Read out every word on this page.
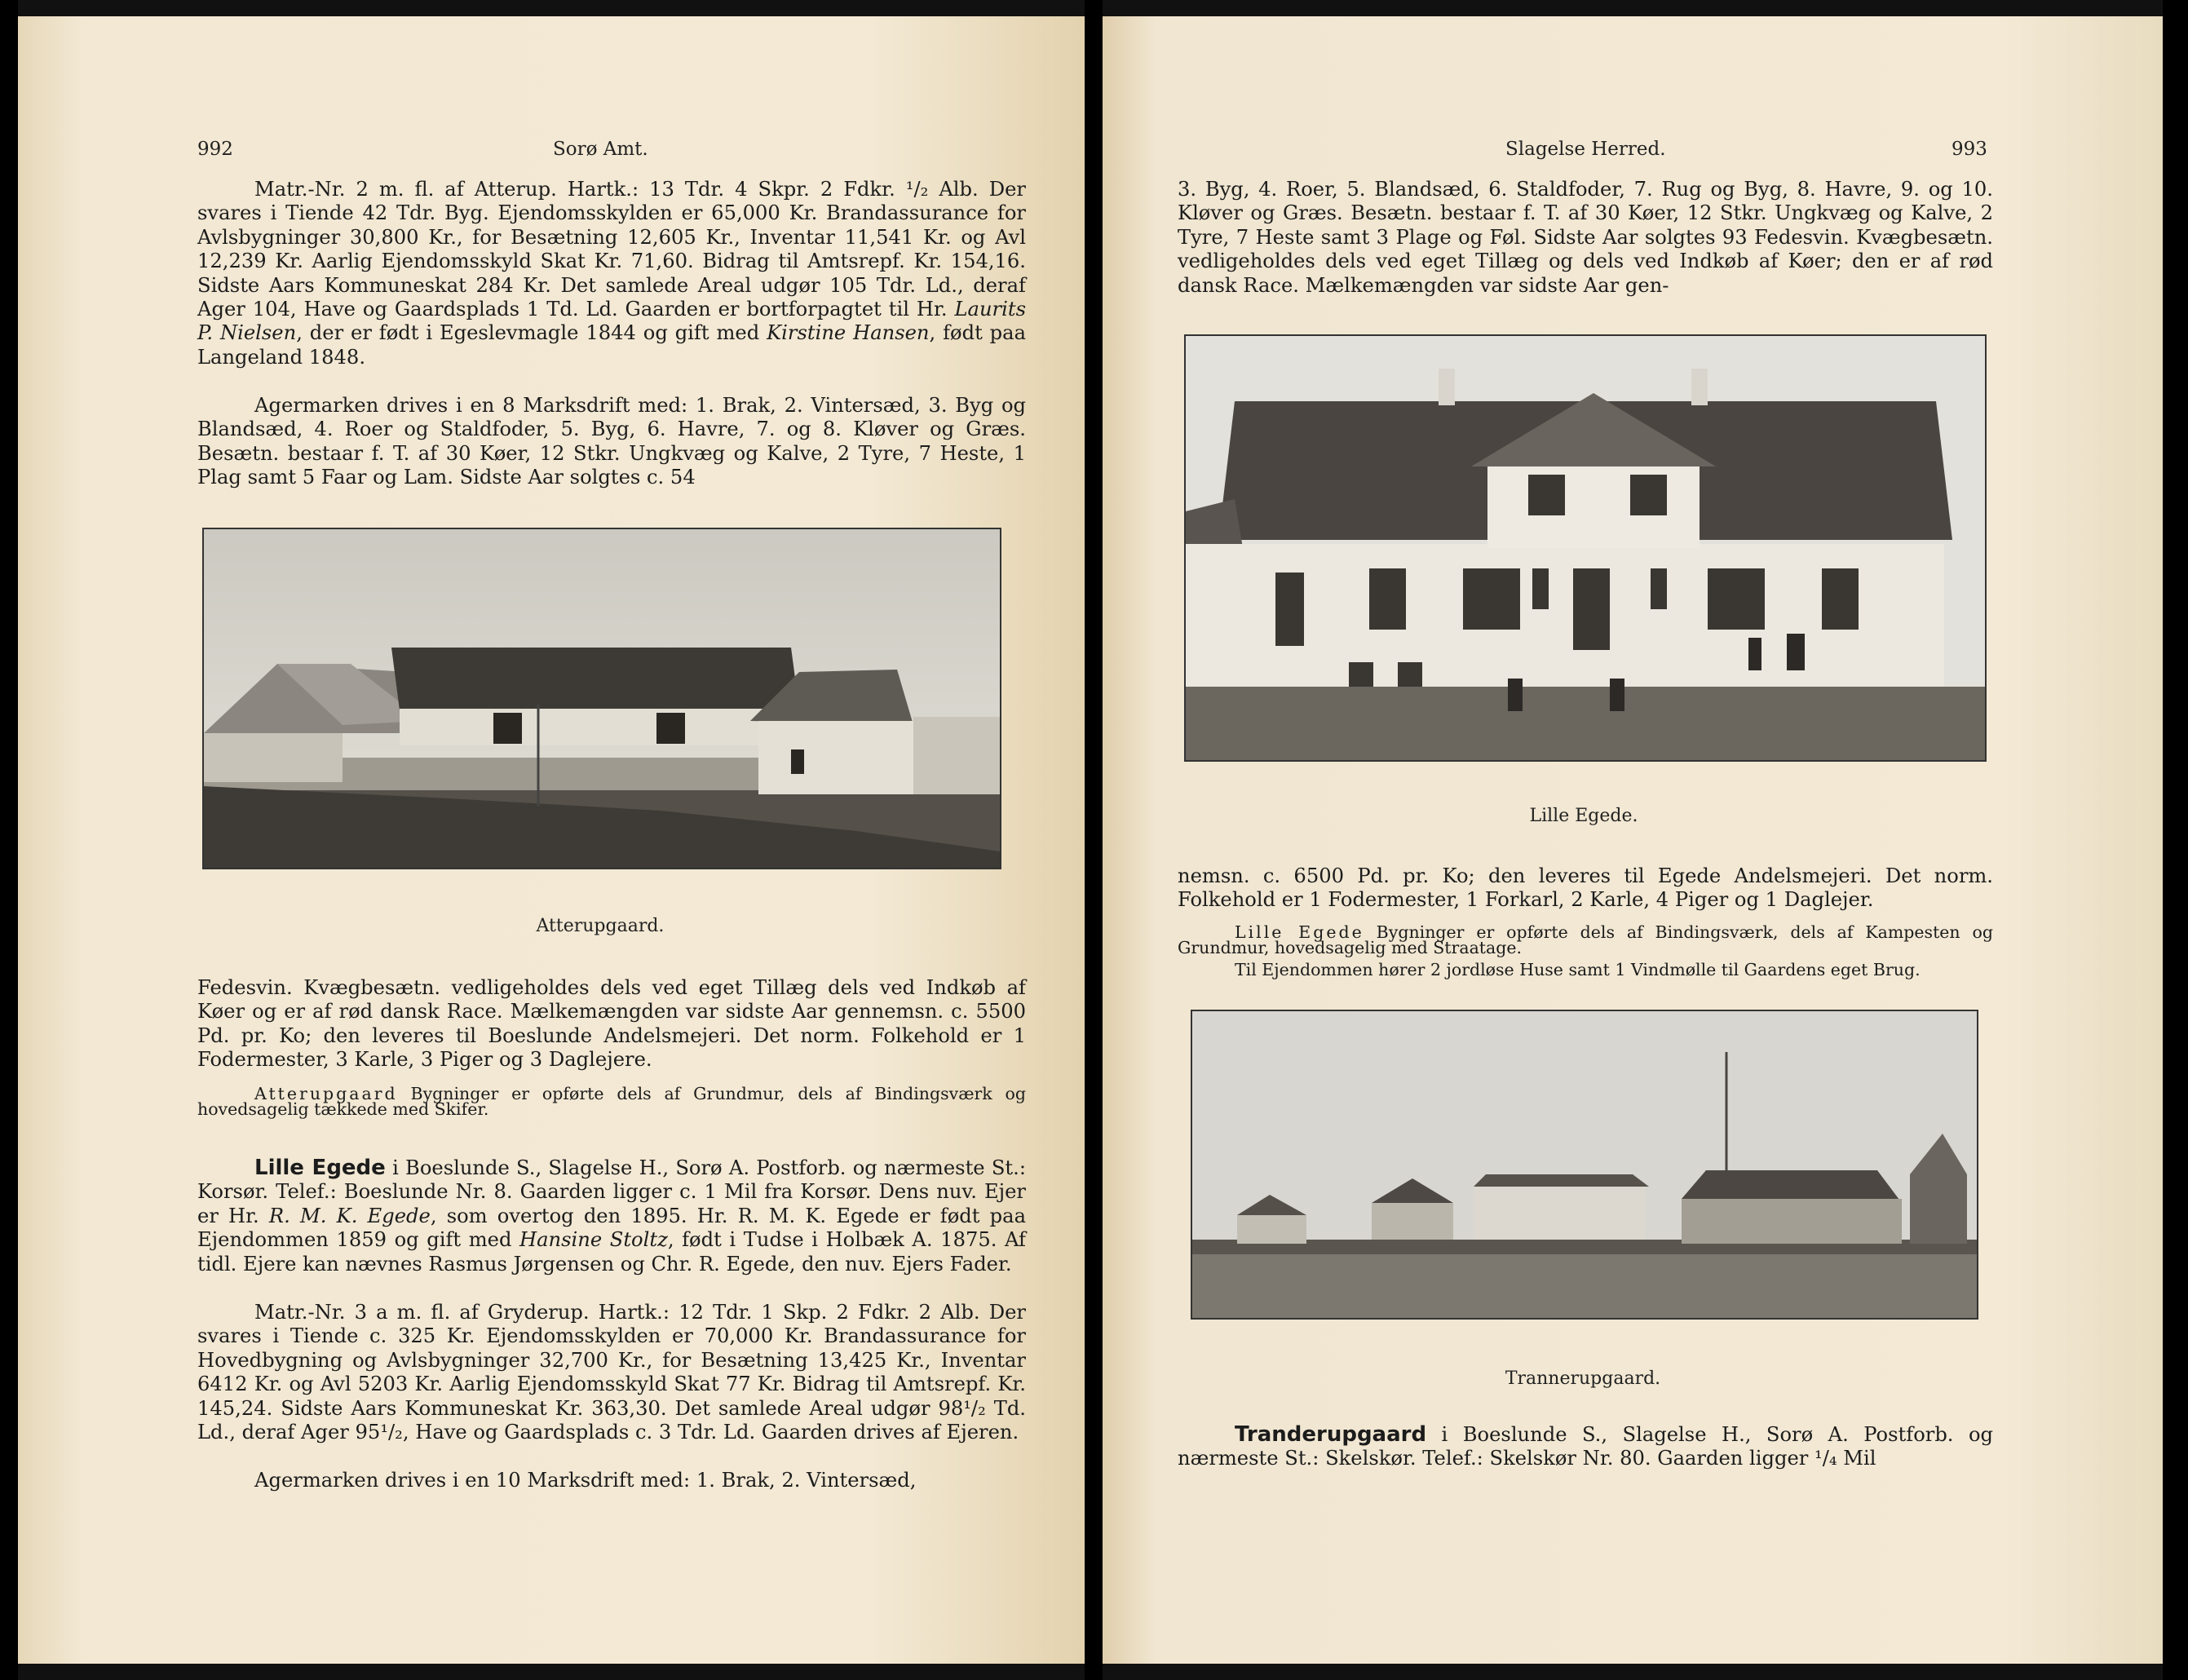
992	Sorø Amt.

Matr.-Nr. 2 m. fl. af Atterup. Hartk.: 13 Tdr. 4 Skpr. 2 Fdkr. ¹/₂ Alb. Der svares i Tiende 42 Tdr. Byg. Ejendomsskylden er 65,000 Kr. Brandassurance for Avlsbygninger 30,800 Kr., for Besætning 12,605 Kr., Inventar 11,541 Kr. og Avl 12,239 Kr. Aarlig Ejendomsskyld Skat Kr. 71,60. Bidrag til Amtsrepf. Kr. 154,16. Sidste Aars Kommuneskat 284 Kr. Det samlede Areal udgør 105 Tdr. Ld., deraf Ager 104, Have og Gaardsplads 1 Td. Ld. Gaarden er bortforpagtet til Hr. Laurits P. Nielsen, der er født i Egeslevmagle 1844 og gift med Kirstine Hansen, født paa Langeland 1848.

Agermarken drives i en 8 Marksdrift med: 1. Brak, 2. Vintersæd, 3. Byg og Blandsæd, 4. Roer og Staldfoder, 5. Byg, 6. Havre, 7. og 8. Kløver og Græs. Besætn. bestaar f. T. af 30 Køer, 12 Stkr. Ungkvæg og Kalve, 2 Tyre, 7 Heste, 1 Plag samt 5 Faar og Lam. Sidste Aar solgtes c. 54

Atterupgaard.

Fedesvin. Kvægbesætn. vedligeholdes dels ved eget Tillæg dels ved Indkøb af Køer og er af rød dansk Race. Mælkemængden var sidste Aar gennemsn. c. 5500 Pd. pr. Ko; den leveres til Boeslunde Andelsmejeri. Det norm. Folkehold er 1 Fodermester, 3 Karle, 3 Piger og 3 Daglejere.

Atterupgaard Bygninger er opførte dels af Grundmur, dels af Bindingsværk og hovedsagelig tækkede med Skifer.

Lille Egede i Boeslunde S., Slagelse H., Sorø A. Postforb. og nærmeste St.: Korsør. Telef.: Boeslunde Nr. 8. Gaarden ligger c. 1 Mil fra Korsør. Dens nuv. Ejer er Hr. R. M. K. Egede, som overtog den 1895. Hr. R. M. K. Egede er født paa Ejendommen 1859 og gift med Hansine Stoltz, født i Tudse i Holbæk A. 1875. Af tidl. Ejere kan nævnes Rasmus Jørgensen og Chr. R. Egede, den nuv. Ejers Fader.

Matr.-Nr. 3 a m. fl. af Gryderup. Hartk.: 12 Tdr. 1 Skp. 2 Fdkr. 2 Alb. Der svares i Tiende c. 325 Kr. Ejendomsskylden er 70,000 Kr. Brandassurance for Hovedbygning og Avlsbygninger 32,700 Kr., for Besætning 13,425 Kr., Inventar 6412 Kr. og Avl 5203 Kr. Aarlig Ejendomsskyld Skat 77 Kr. Bidrag til Amtsrepf. Kr. 145,24. Sidste Aars Kommuneskat Kr. 363,30. Det samlede Areal udgør 98¹/₂ Td. Ld., deraf Ager 95¹/₂, Have og Gaardsplads c. 3 Tdr. Ld. Gaarden drives af Ejeren.

Agermarken drives i en 10 Marksdrift med: 1. Brak, 2. Vintersæd,

Slagelse Herred.	993

3. Byg, 4. Roer, 5. Blandsæd, 6. Staldfoder, 7. Rug og Byg, 8. Havre, 9. og 10. Kløver og Græs. Besætn. bestaar f. T. af 30 Køer, 12 Stkr. Ungkvæg og Kalve, 2 Tyre, 7 Heste samt 3 Plage og Føl. Sidste Aar solgtes 93 Fedesvin. Kvægbesætn. vedligeholdes dels ved eget Tillæg og dels ved Indkøb af Køer; den er af rød dansk Race. Mælkemængden var sidste Aar gen-

Lille Egede.

nemsn. c. 6500 Pd. pr. Ko; den leveres til Egede Andelsmejeri. Det norm. Folkehold er 1 Fodermester, 1 Forkarl, 2 Karle, 4 Piger og 1 Daglejer.

Lille Egede Bygninger er opførte dels af Bindingsværk, dels af Kampesten og Grundmur, hovedsagelig med Straatage.

Til Ejendommen hører 2 jordløse Huse samt 1 Vindmølle til Gaardens eget Brug.

Trannerupgaard.

Tranderupgaard i Boeslunde S., Slagelse H., Sorø A. Postforb. og nærmeste St.: Skelskør. Telef.: Skelskør Nr. 80. Gaarden ligger ¹/₄ Mil
